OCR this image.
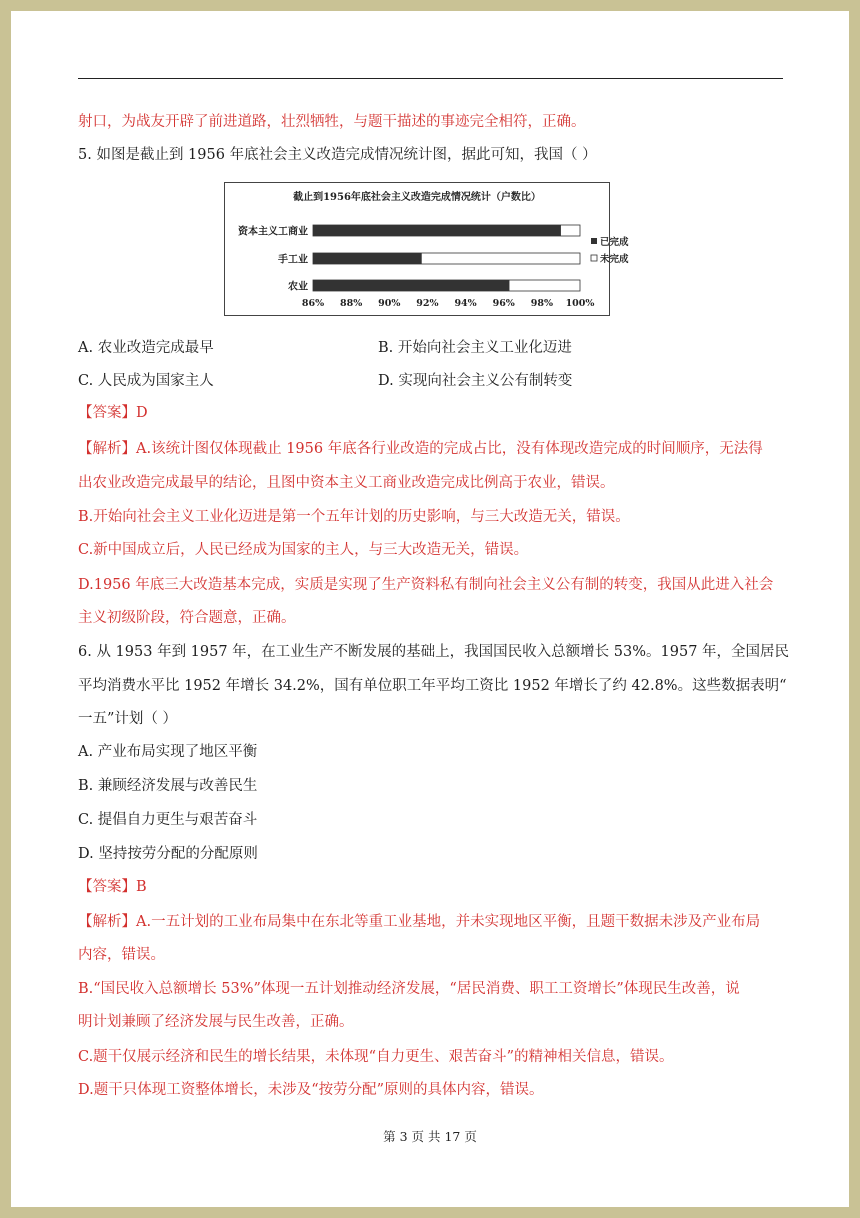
射口，为战友开辟了前进道路，壮烈牺牲，与题干描述的事迹完全相符，正确。
5. 如图是截止到 1956 年底社会主义改造完成情况统计图，据此可知，我国（ ）
截止到1956年底社会主义改造完成情况统计（户数比）
资本主义工商业
手工业
农业
86% 88% 90% 92% 94% 96% 98% 100%
已完成
未完成
A. 农业改造完成最早	B. 开始向社会主义工业化迈进
C. 人民成为国家主人	D. 实现向社会主义公有制转变
【答案】D
【解析】A.该统计图仅体现截止 1956 年底各行业改造的完成占比，没有体现改造完成的时间顺序，无法得
出农业改造完成最早的结论，且图中资本主义工商业改造完成比例高于农业，错误。
B.开始向社会主义工业化迈进是第一个五年计划的历史影响，与三大改造无关，错误。
C.新中国成立后，人民已经成为国家的主人，与三大改造无关，错误。
D.1956 年底三大改造基本完成，实质是实现了生产资料私有制向社会主义公有制的转变，我国从此进入社会
主义初级阶段，符合题意，正确。
6. 从 1953 年到 1957 年，在工业生产不断发展的基础上，我国国民收入总额增长 53%。1957 年，全国居民
平均消费水平比 1952 年增长 34.2%，国有单位职工年平均工资比 1952 年增长了约 42.8%。这些数据表明“
一五”计划（ ）
A. 产业布局实现了地区平衡
B. 兼顾经济发展与改善民生
C. 提倡自力更生与艰苦奋斗
D. 坚持按劳分配的分配原则
【答案】B
【解析】A.一五计划的工业布局集中在东北等重工业基地，并未实现地区平衡，且题干数据未涉及产业布局
内容，错误。
B.“国民收入总额增长 53%”体现一五计划推动经济发展，“居民消费、职工工资增长”体现民生改善，说
明计划兼顾了经济发展与民生改善，正确。
C.题干仅展示经济和民生的增长结果，未体现“自力更生、艰苦奋斗”的精神相关信息，错误。
D.题干只体现工资整体增长，未涉及“按劳分配”原则的具体内容，错误。
第 3 页 共 17 页
